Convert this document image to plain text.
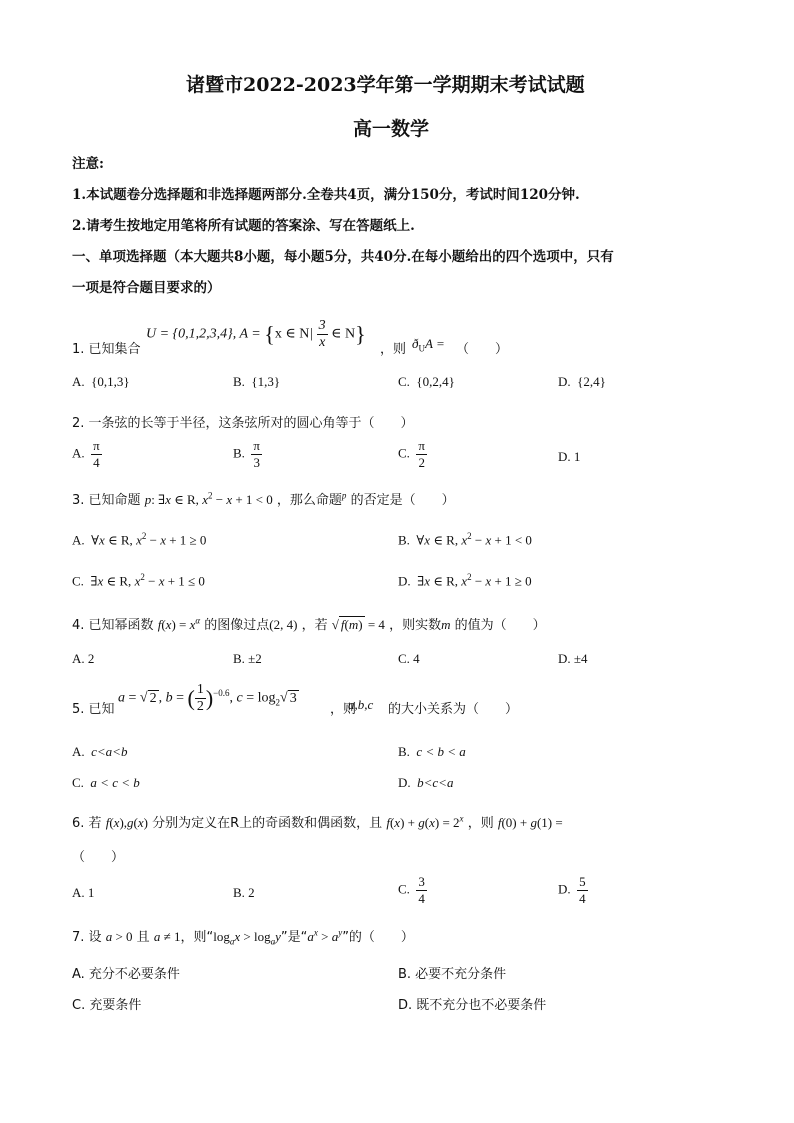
诸暨市2022-2023学年第一学期期末考试试题
高一数学
注意:
1.本试题卷分选择题和非选择题两部分.全卷共4页，满分150分，考试时间120分钟.
2.请考生按地定用笔将所有试题的答案涂、写在答题纸上.
一、单项选择题（本大题共8小题，每小题5分，共40分.在每小题给出的四个选项中，只有
一项是符合题目要求的）
U = {0,1,2,3,4}, A = {x ∈ $N| \frac{3}{x}$ ∈ N}
1. 已知集合	，则 $ð_UA$ = （　　）
A.  {0,1,3}	B.  {1,3}	C.  {0,2,4}	D.  {2,4}
2. 一条弦的长等于半径，这条弦所对的圆心角等于（　　）
A. $\frac{\pi}{4}$	B. $\frac{\pi}{3}$	C. $\frac{\pi}{2}$	D. 1
3. 已知命题 p: ∃x ∈ R, $x^2 - x + 1 < 0$ ，那么命题$^p$ 的否定是（　　）
A.  ∀x ∈ R, $x^2 - x + 1 \ge 0$	B.  ∀x ∈ R, $x^2 - x + 1 < 0$
C.  ∃x ∈ R, $x^2 - x + 1 \le 0$	D.  ∃x ∈ R, $x^2 - x + 1 \ge 0$
4. 已知幂函数 $f(x) = x^\alpha$ 的图像过点(2, 4) ，若 √ f(m) = 4 ，则实数m 的值为（　　）
A. 2	B. ±2	C. 4	D. ±4
5. 已知
a = √ 2 , b = ( $\frac{1}{2} )^{-0.6}$, $c = \log_2√$ 3
，则
a,b,c 的大小关系为（　　）
A.  c<a<b	B.  c < b < a
C.  a < c < b	D.  b<c<a
6. 若 f(x),g(x) 分别为定义在R上的奇函数和偶函数，且 $f(x) + g(x) = 2^x$ ，则 f(0) + g(1) =
（　　）
A. 1	B. 2	C. $\frac{3}{4}$	D. $\frac{5}{4}$
7. 设 a > 0 且 a ≠ 1，则“$\log_ax > \log_ay$”是“$a^x > a^y$”的（　　）
A. 充分不必要条件	B. 必要不充分条件
C. 充要条件	D. 既不充分也不必要条件
